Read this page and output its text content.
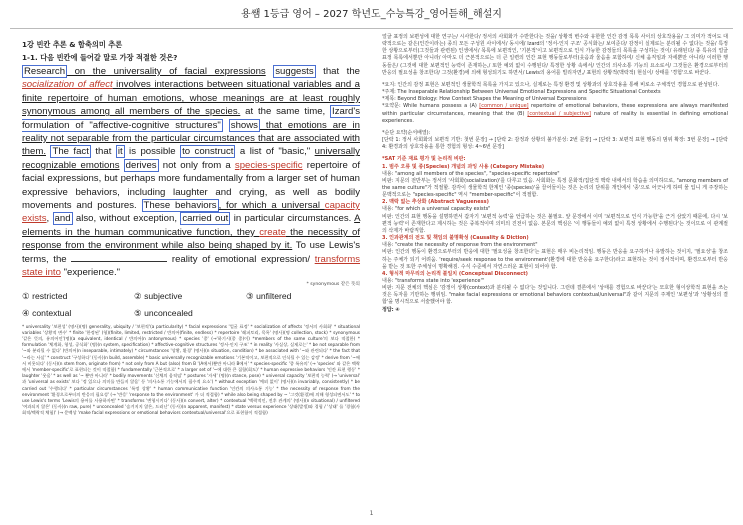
용쌤 1등급 영어 – 2027 학년도_수능특강_영어듣해_해설지
1강 빈칸 추론 & 함축의미 추론
1-1. 다음 빈칸에 들어갈 말로 가장 적절한 것은?
Research on the universality of facial expressions suggests that the socialization of affect involves interactions between situational variables and a finite repertoire of human emotions, whose meanings are at least roughly synonymous among all members of the species. at the same time, Izard's formulation of "affective-cognitive structures" shows that emotions are in reality not separable from the particular circumstances that are associated with them. The fact that it is possible to construct a list of "basic," universally recognizable emotions derives not only from a species-specific repertoire of facial expressions, but perhaps more fundamentally from a larger set of human expressive behaviors, including laughter and crying, as well as bodily movements and postures. These behaviors , for which a universal capacity exists, and also, without exception, carried out in particular circumstances. A elements in the human communicative function, they create the necessity of response from the environment while also being shaped by it. To use Lewis's terms, the	reality of emotional expression/ transforms state into "experience."
* synonymous 같은 뜻의
① restricted	② subjective	③ unfiltered
④ contextual	⑤ unconcealed
* universality '보편성' (명사)(명) generality, ubiquity / '보편적'(a particularity) * facial expressions '얼굴 표정' * socialization of affects '정서의 사회화' * situational variables '상황적 변수' * finite '한정된' (형)(finite, limited, restricted / 반의어(finite, endless) * repertoire '레퍼토리, 목록' (명사)(명 collection, stock) * synonymous '같은 뜻의, 유의어인'(명)(a equivalent, identical / 반의어(n antonymous) * species '종' (→'하기시(종 종)이) *members of the same culture'의 보다 적절한) * formulation '체계화, 형성, 공식화' (명)(n system, specification) * affective-cognitive structures '정서-인지 구조' * in reality '사실상, 실제로는' * be not separable from '~와 분리될 수 없다' (반의어(n inseparable, intimately) * circumstances '상황, 환경' (명사)(n situation, condition) * be associated with '~와 관련되다' * the fact that '~라는 사실' * construct '구성하다' (동사)(n build, assemble) * basic universally recognizable emotions '기본적이고, 보편적으로 인식될 수 있는 감정' * derive from '~에서 비롯되다' (동사)(n stem from, originate from) * not only from A but (also) from B '(A에서)뿐만 아니라 B에서' * species-specific '종 특유의' (→ 'species' 와 같은 맥락에서 'member-specific'로 표현되는 것이 적절함) * fundamentally '근본적으로' * a larger set of '~에 대한 큰 집합(회도)' * human expressive behaviors '인간 표현 행동' * laughter '웃음' * as well as '~ 뿐만 아니라' * bodily movements '신체의 움직임' * postures '자세' (명)(n stance, pose) * universal capacity '보편적 능력' (→ 'universal' 과 'universal as exists' 보다 '정 있으나 의미를 만들지 않음' 등 '의사소통 기능에서의 필수적 요소') * without exception '예외 없이' (명사)(n invariably, consistently) * be carried out '수행되다' * particular circumstances '특정 상황' * human communicative function '인간의 의사소통 기능' * the necessity of response from the environment '환경으로부터의 반응의 필요성' (→ '반응' 'response to the environment' 가 더 적절함) * while also being shaped by ~ '그것(환경)에 의해 형성되면서도' * to use Lewis's terms 'Lewis의 용어를 사용하자면' * transforms '변형시키다' (동사)(n convert, alter) * contextual '맥락적인, 전후 관계의' (명사)(n situational) / unfiltered '여과되지 않은' (동사)(n raw, pure) * unconcealed '숨겨지지 않은, 드러난' (동사)(n apparent, manifest) * state versus experience '상태(발생)와 경험 / '상태' 를 '경험(사회적/맥락적 체험)' (→ 문맥상 'make facial expressions or emotional behaviors contextual/universal'으로 표현함이 적절함)
얼굴 표정의 보편성에 대한 연구는/ 시사한다/ 정서의 사회화가 수반한다는 것을/ 상황적 변수와 유한한 인간 감정 목록 사이의 상호작용을/ 그 의미가 적어도 대략적으로는 같은(인간이라는) 종의 모든 구성원 사이에서/ 동시에/ Izard의 '정서-인지 구조' 공식화는/ 보여준다/ 감정이 실제로는 분리될 수 없다는 것을/ 특정한 상황으로부터(그것들과 관련된) 인생에서/ 목록에 보편적인, '기본적'이고 보편적으로 인식 가능한 감정들의 목록을 구성하는 것이/ 유래된다/ 종 특유의 얼굴 표정 목록에서뿐만 아니라/ 아마도 더 근본적으로는 더 큰 일련의 인간 표현 행동들로부터(웃음과 울음을 포함하여/ 신체 움직임과 자세뿐만 아니라/ 이러한 행동들은/ (그것에 대한 보편적인 능력이 존재하는,/ 또한 예외 없이 수행된다/ 특정한 상황 속에서/ 인간의 의사소통 기능의 요소로서/ 그것들은 환경으로부터의 반응의 필요성을 창조한다/ 그것(환경)에 의해 형성되기도 하면서/ Lewis의 용어를 빌리자면,/ 표현의 상황적(맥락적) 현실이/ 상태를 '경험'으로 바꾼다.
*요지: 인간의 감정 표현은 보편적인 생물학적 목록을 가지고 있으나, 실제로는 특정 환경 및 상황과의 상호작용을 통해 비로소 구체적인 경험으로 완성된다.
*주제: The Inseparable Relationship Between Universal Emotional Expressions and Specific Situational Contexts
*제목: Beyond Biology: How Context Shapes the Meaning of Universal Expressions
*요약문: While humans possess a (A) [common / unique] repertoire of emotional behaviors, these expressions are always manifested within particular circumstances, meaning that the (B) [contextual / subjective] nature of reality is essential in defining emotional experiences.
*순단 요약(순서배열):
[단락 1: 정서 사회화의 보편적 기반: 첫번 문장] → [단락 2: 감정과 상황의 불가분성: 2번 문장] → [단락 3: 보편적 표현 행동의 범위 확장: 3번 문장] → [단락 4: 환경과의 상호작용을 통한 경험의 형성: 4~6번 문장]
*SAT 기준 재료 평가 및 논리적 비판:
1. 범주 오류 및 종(Species) 개념의 과잉 사용 (Category Mistake)
내용: "among all members of the species", "species-specific repertoire"
비판: 지문의 전반부는 정서의 '사회화(socialization)'를 다루고 있음. 사회화는 특정 문화적/집단적 맥락 내에서의 학습을 의미하므로, "among members of the same culture"가 적절할. 감각이 생물학적 한계인 '종(species)'을 끌어들이는 것은 논리의 단위를 개인에서 '종'으로 어긋나게 하며 물 입니 게 주장하는 문맥적으로는 "species-specific" 역시 "member-specific"이 적절함.
2. 맥락 없는 추상화 (Abstract Vagueness)
내용: "for which a universal capacity exists"
비판: 인간의 표현 행동을 설명하면서 갑자기 '보편적 능력'을 언급하는 것은 불필요. 앞 문장에서 이미 '보편적으로 인식 가능한'을 근거 삼았기 때문에, 다시 '보편적 능력'이 존재한다고 제시하는 것은 중복적이며 의미의 진전이 없음. 본문의 핵심은 '이 행동들이 예외 없이 특정 상황에서 수행된다'는 것이므로 이 관계절의 삭제가 바람직함.
3. 인과관계의 전도 및 책임의 불명확성 (Causality & Diction)
내용: "create the necessity of response from the environment"
비판: 인간의 행동이 환경으로부터의 반응에 대한 '필요성을 창조한다'는 표현은 매우 비논리적임. 행동은 반응을 요구하거나 유발하는 것이지, '필요성'을 창조하는 주체가 되기 어려움. 'require/seek response to the environment'(환경에 대한 반응을 요구한다)라고 표현하는 것이 정서적이며, 환경으로부터 반응을 받는 것 또한 주체성이 명확해짐. 수식 수준에서 자연스러운 표현이 되어야 함.
4. 형식적 마무리의 논리적 불일치 (Conceptual Disconnect)
내용: "transforms state into 'experience'"
비판: 지문 전체의 핵심은 '감정이 상황(context)과 분리될 수 없다'는 것입니다. 그런데 결론에서 '상태를 경험으로 바꾼다'는 모호한 형이상학적 표현을 쓰는 것은 독자를 기만하는 행위임. "make facial expressions or emotional behaviors contextual/universal"과 같이 지문의 주제인 '보편성'과 '상황성의 결합'을 명시적으로 서술했어야 함.
정답: ④
1
